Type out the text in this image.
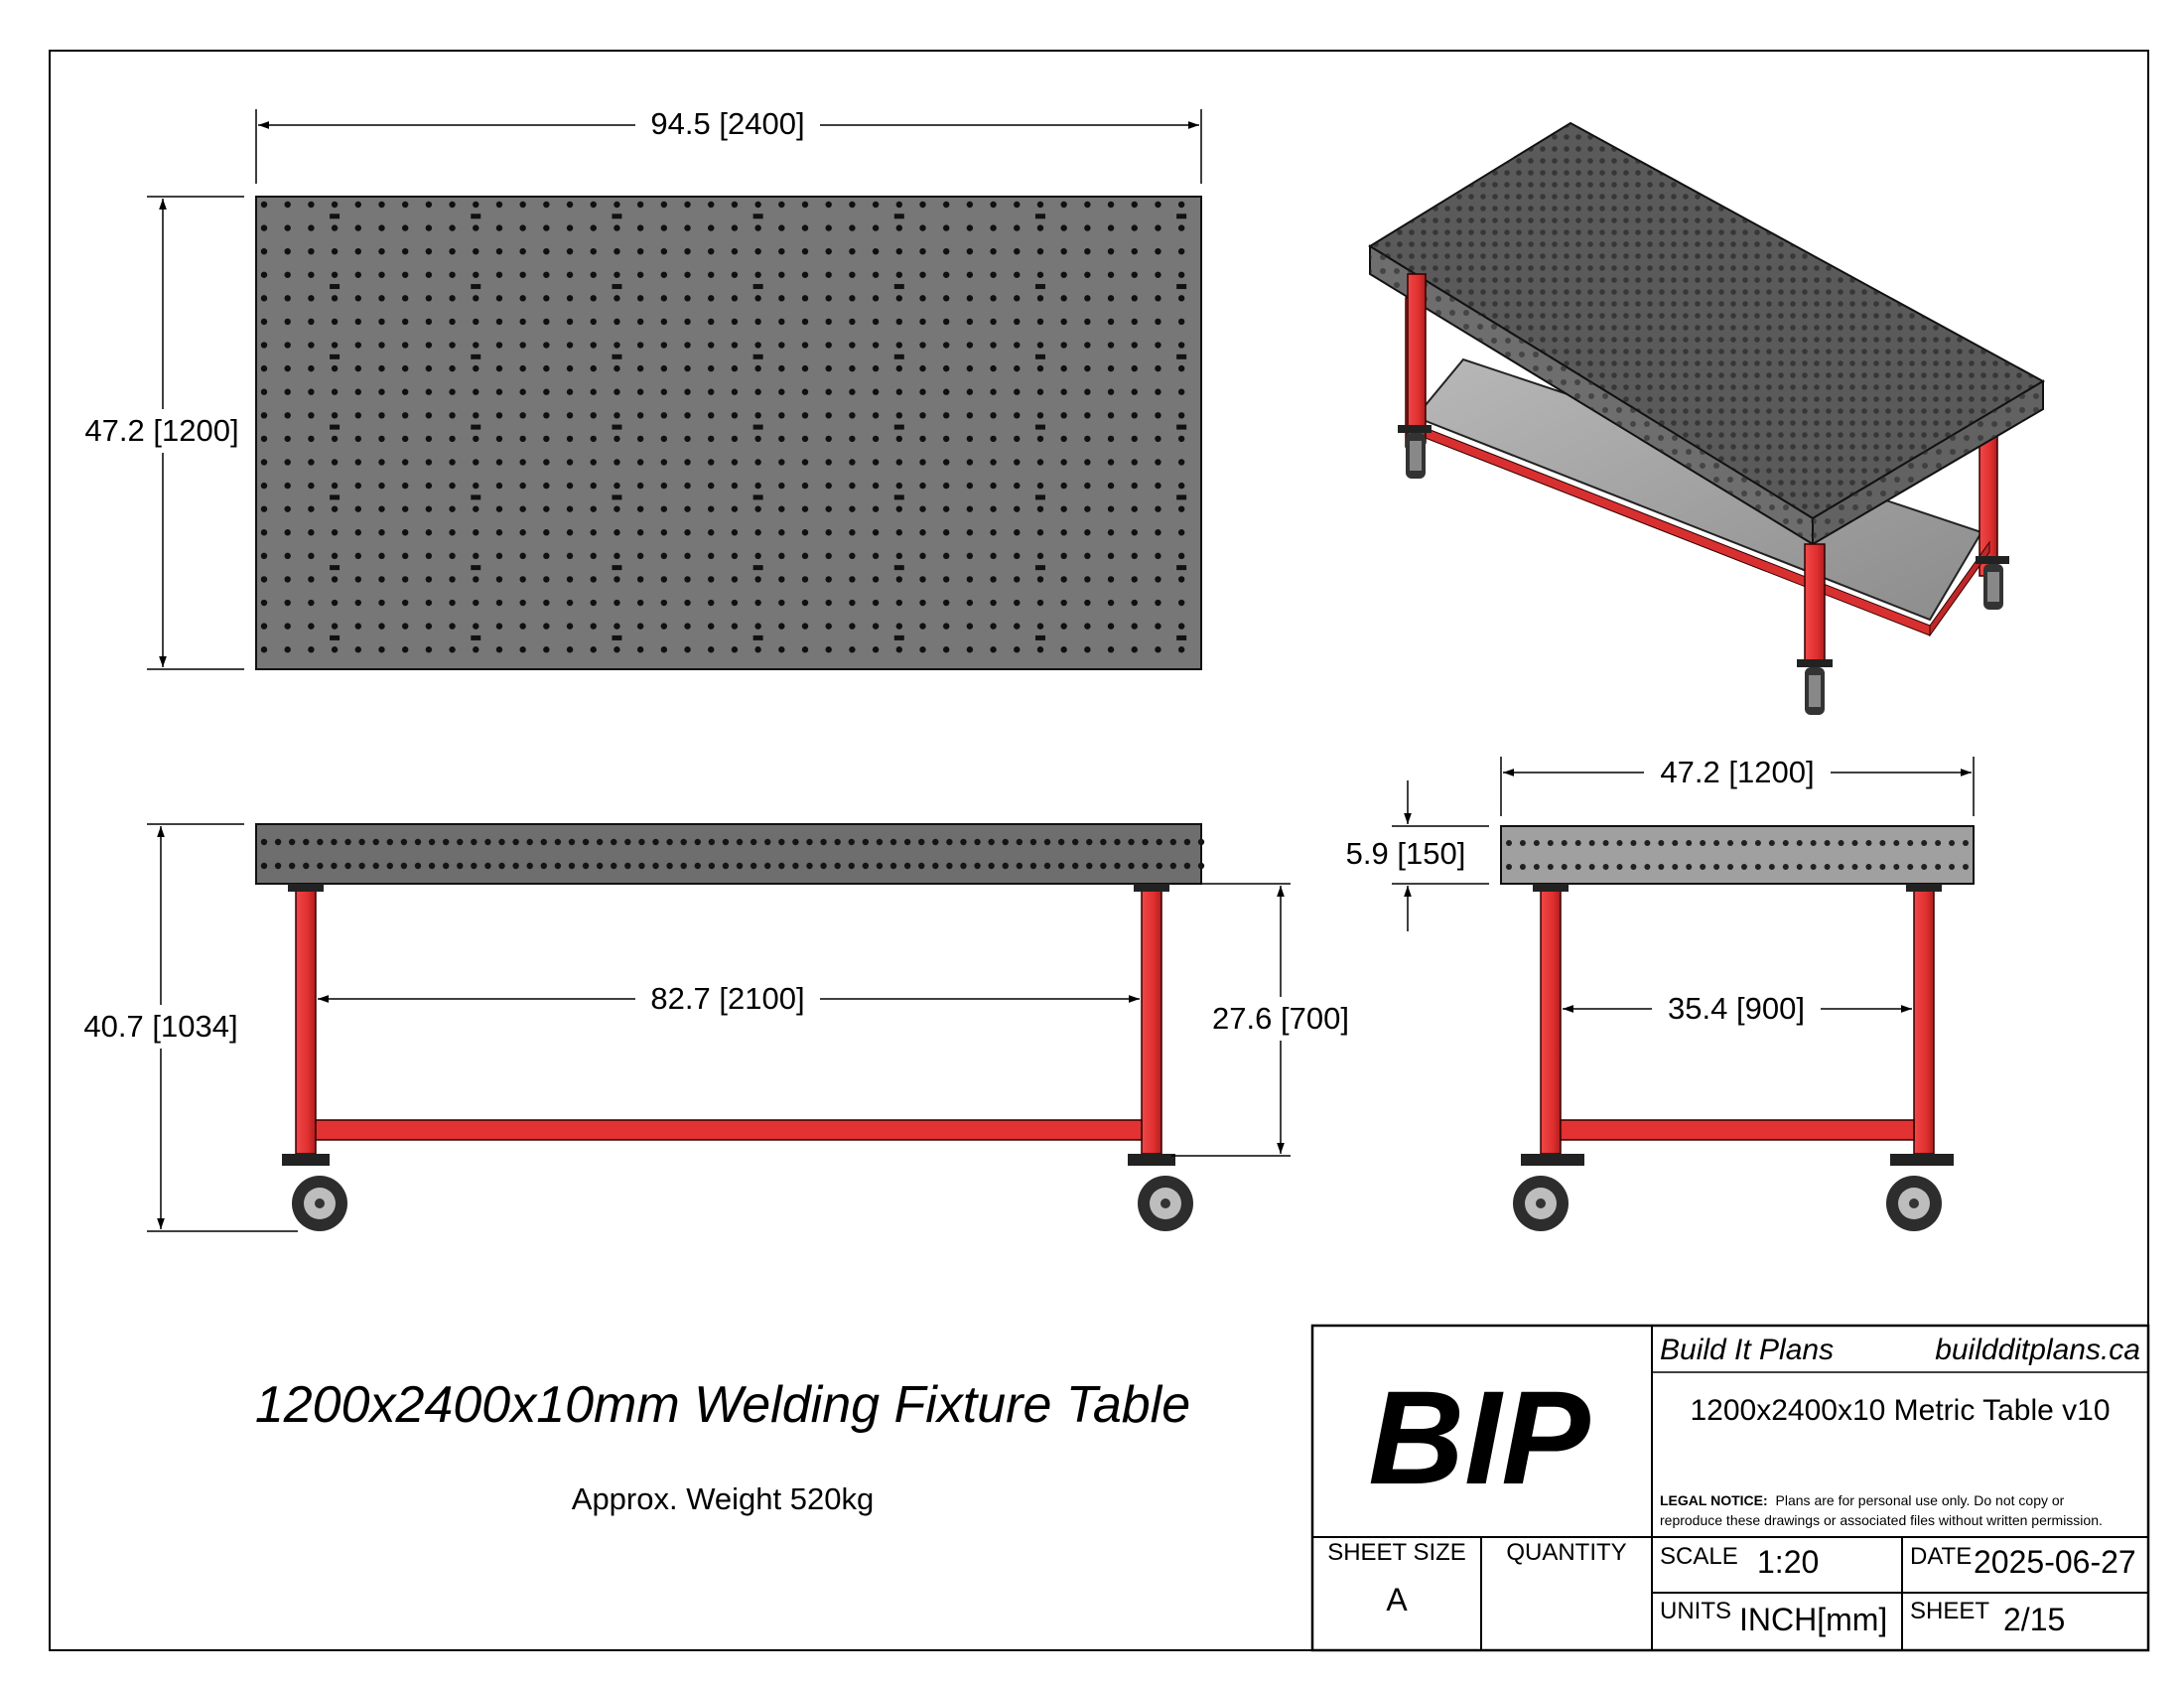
94.5 [2400]
47.2 [1200]
40.7 [1034]
82.7 [2100]
27.6 [700]
47.2 [1200]
5.9 [150]
35.4 [900]
1200x2400x10mm Welding Fixture Table
Approx. Weight 520kg	BIP
Build It Plans	buildditplans.ca
1200x2400x10 Metric Table v10
LEGAL NOTICE: Plans are for personal use only. Do not copy or
reproduce these drawings or associated files without written permission.
SHEET SIZE
A
QUANTITY SCALE 1:20	DATE 2025-06-27
UNITS INCH[mm] SHEET 2/15
